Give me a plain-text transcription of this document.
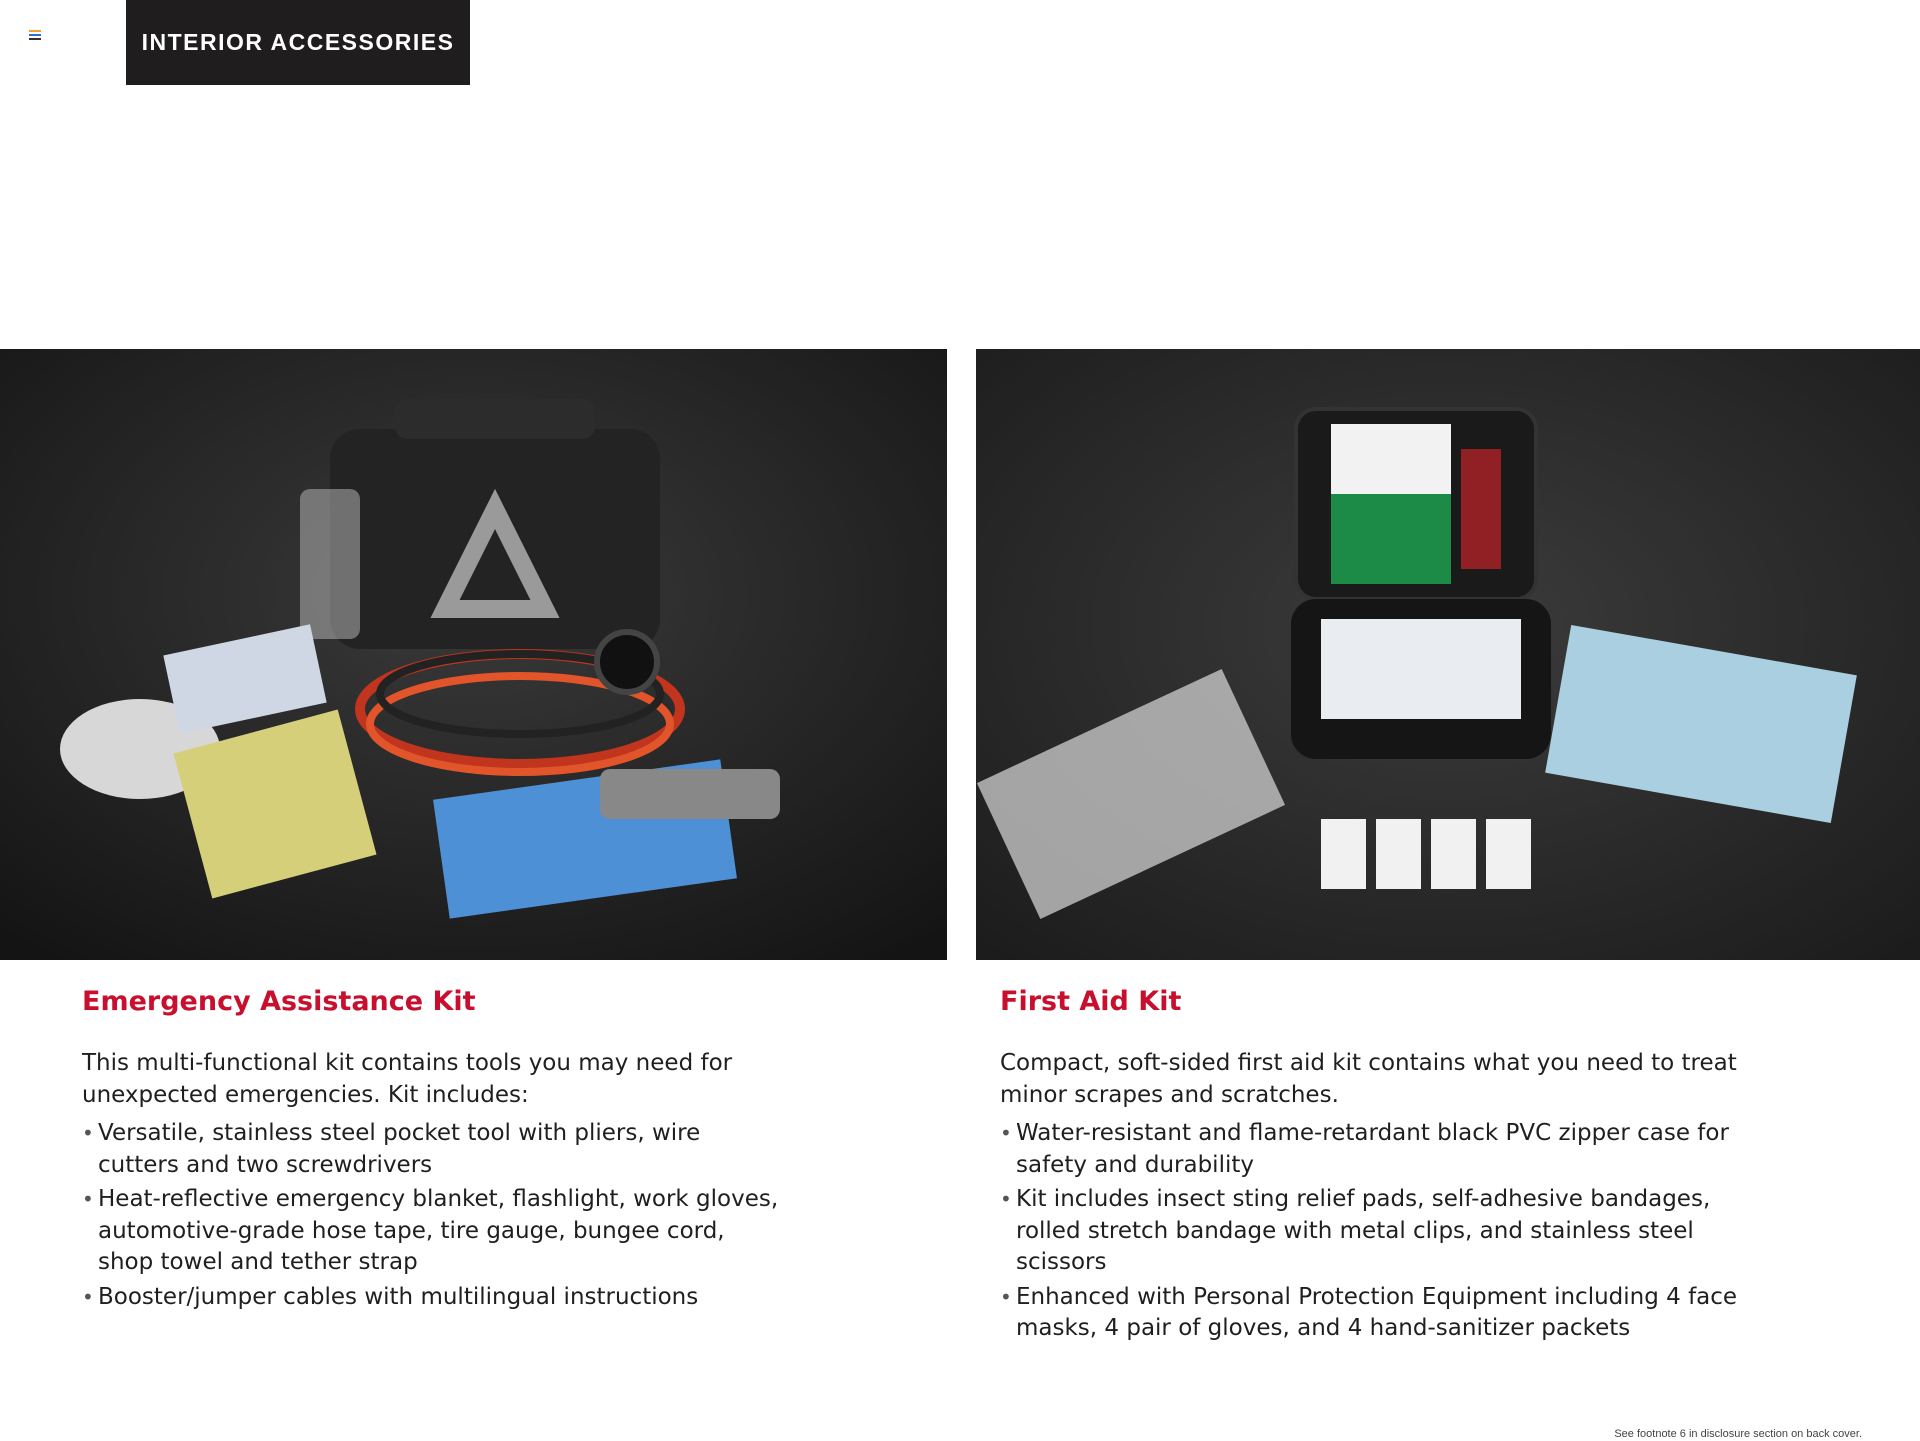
INTERIOR ACCESSORIES
Emergency Assistance Kit

This multi-functional kit contains tools you may need for unexpected emergencies. Kit includes:

• Versatile, stainless steel pocket tool with pliers, wire cutters and two screwdrivers
• Heat-reflective emergency blanket, flashlight, work gloves, automotive-grade hose tape, tire gauge, bungee cord, shop towel and tether strap
• Booster/jumper cables with multilingual instructions
First Aid Kit

Compact, soft-sided first aid kit contains what you need to treat minor scrapes and scratches.

• Water-resistant and flame-retardant black PVC zipper case for safety and durability
• Kit includes insect sting relief pads, self-adhesive bandages, rolled stretch bandage with metal clips, and stainless steel scissors
• Enhanced with Personal Protection Equipment including 4 face masks, 4 pair of gloves, and 4 hand-sanitizer packets
See footnote 6 in disclosure section on back cover.
